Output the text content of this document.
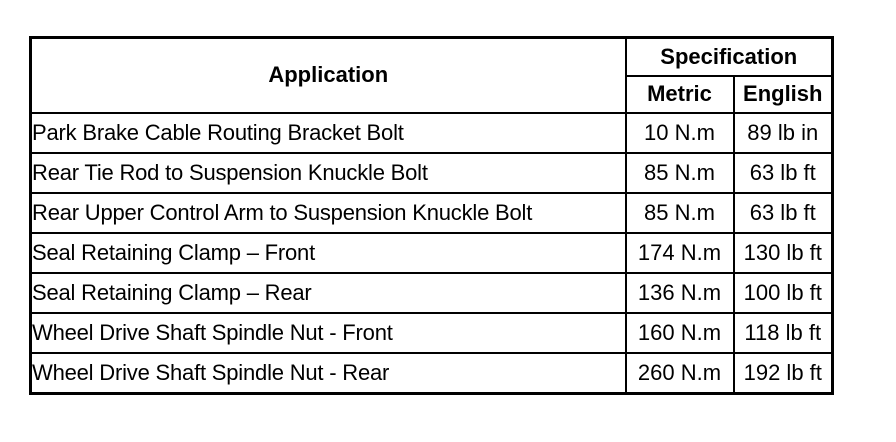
Application	Specification	
	Metric	English
Park Brake Cable Routing Bracket Bolt	10 N.m	89 lb in
Rear Tie Rod to Suspension Knuckle Bolt	85 N.m	63 lb ft
Rear Upper Control Arm to Suspension Knuckle Bolt	85 N.m	63 lb ft
Seal Retaining Clamp – Front	174 N.m	130 lb ft
Seal Retaining Clamp – Rear	136 N.m	100 lb ft
Wheel Drive Shaft Spindle Nut - Front	160 N.m	118 lb ft
Wheel Drive Shaft Spindle Nut - Rear	260 N.m	192 lb ft
